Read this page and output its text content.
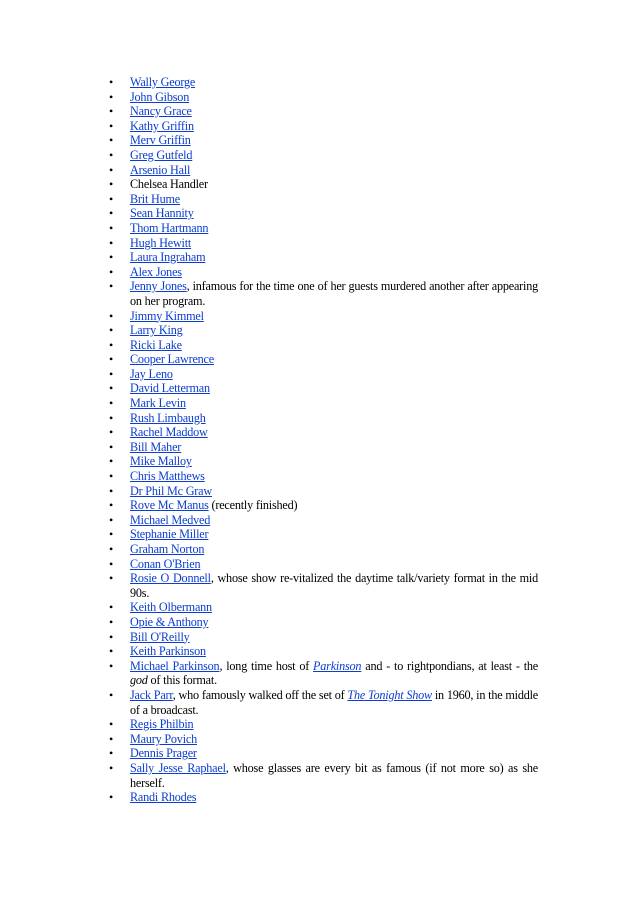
• Wally George
• John Gibson
• Nancy Grace
• Kathy Griffin
• Merv Griffin
• Greg Gutfeld
• Arsenio Hall
• Chelsea Handler
• Brit Hume
• Sean Hannity
• Thom Hartmann
• Hugh Hewitt
• Laura Ingraham
• Alex Jones
• Jenny Jones, infamous for the time one of her guests murdered another after appearing on her program.
• Jimmy Kimmel
• Larry King
• Ricki Lake
• Cooper Lawrence
• Jay Leno
• David Letterman
• Mark Levin
• Rush Limbaugh
• Rachel Maddow
• Bill Maher
• Mike Malloy
• Chris Matthews
• Dr Phil Mc Graw
• Rove Mc Manus (recently finished)
• Michael Medved
• Stephanie Miller
• Graham Norton
• Conan O'Brien
• Rosie O Donnell, whose show re-vitalized the daytime talk/variety format in the mid 90s.
• Keith Olbermann
• Opie & Anthony
• Bill O'Reilly
• Keith Parkinson
• Michael Parkinson, long time host of Parkinson and - to rightpondians, at least - the god of this format.
• Jack Parr, who famously walked off the set of The Tonight Show in 1960, in the middle of a broadcast.
• Regis Philbin
• Maury Povich
• Dennis Prager
• Sally Jesse Raphael, whose glasses are every bit as famous (if not more so) as she herself.
• Randi Rhodes
